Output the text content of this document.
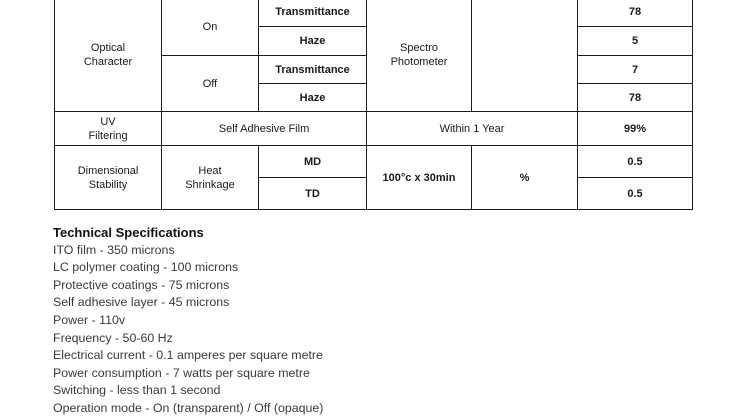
Optical Character	On	Transmittance	Spectro Photometer		78
		Haze			5
	Off	Transmittance			7
		Haze			78
UV Filtering	Self Adhesive Film		Within 1 Year		99%
Dimensional Stability	Heat Shrinkage	MD	100°c x 30min	%	0.5
		TD			0.5
Technical Specifications
ITO film - 350 microns
LC polymer coating - 100 microns
Protective coatings - 75 microns
Self adhesive layer - 45 microns
Power - 110v
Frequency - 50-60 Hz
Electrical current - 0.1 amperes per square metre
Power consumption - 7 watts per square metre
Switching - less than 1 second
Operation mode - On (transparent) / Off (opaque)
